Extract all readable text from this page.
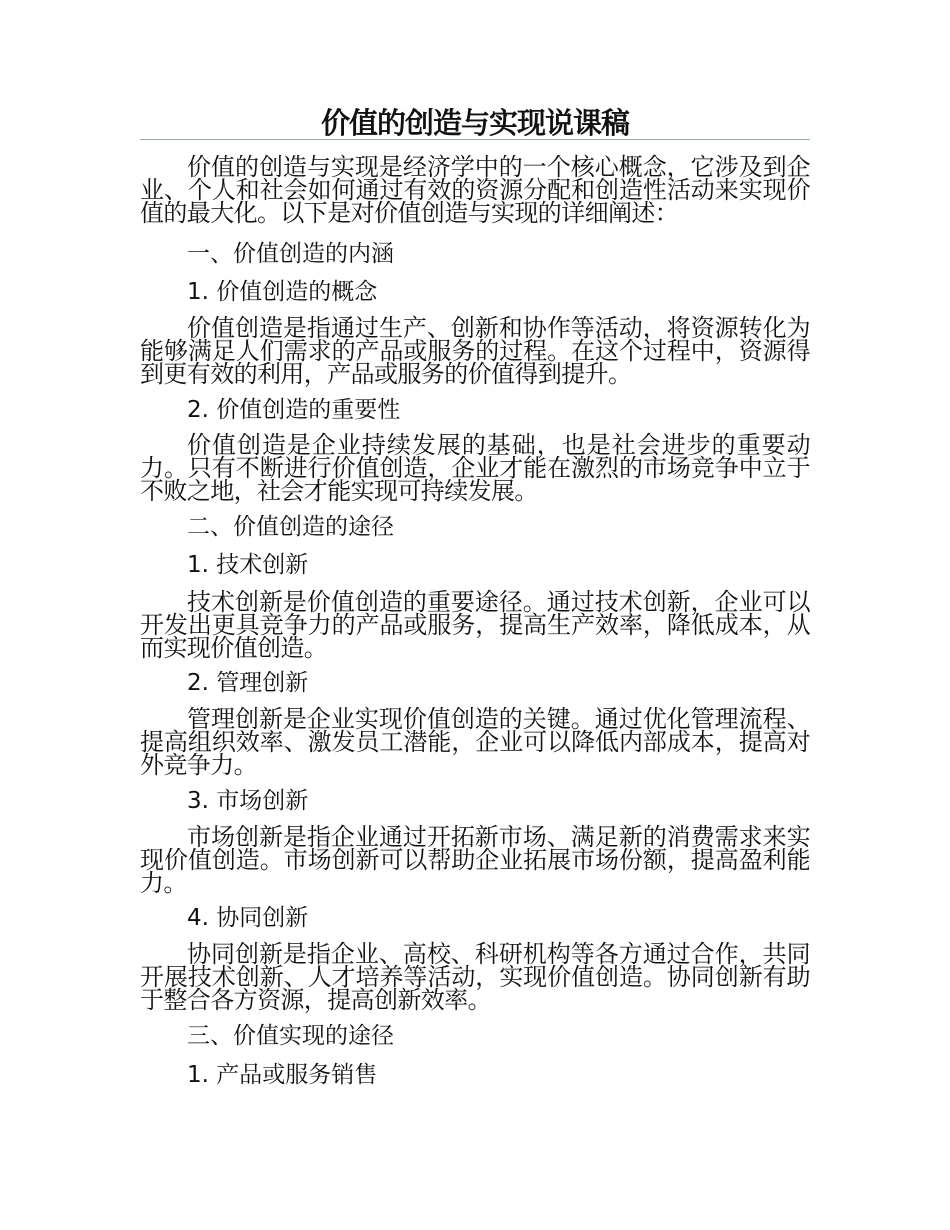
价值的创造与实现说课稿

价值的创造与实现是经济学中的一个核心概念，它涉及到企业、个人和社会如何通过有效的资源分配和创造性活动来实现价值的最大化。以下是对价值创造与实现的详细阐述：

一、价值创造的内涵
1. 价值创造的概念

价值创造是指通过生产、创新和协作等活动，将资源转化为能够满足人们需求的产品或服务的过程。在这个过程中，资源得到更有效的利用，产品或服务的价值得到提升。

2. 价值创造的重要性

价值创造是企业持续发展的基础，也是社会进步的重要动力。只有不断进行价值创造，企业才能在激烈的市场竞争中立于不败之地，社会才能实现可持续发展。

二、价值创造的途径
1. 技术创新

技术创新是价值创造的重要途径。通过技术创新，企业可以开发出更具竞争力的产品或服务，提高生产效率，降低成本，从而实现价值创造。

2. 管理创新

管理创新是企业实现价值创造的关键。通过优化管理流程、提高组织效率、激发员工潜能，企业可以降低内部成本，提高对外竞争力。

3. 市场创新

市场创新是指企业通过开拓新市场、满足新的消费需求来实现价值创造。市场创新可以帮助企业拓展市场份额，提高盈利能力。

4. 协同创新

协同创新是指企业、高校、科研机构等各方通过合作，共同开展技术创新、人才培养等活动，实现价值创造。协同创新有助于整合各方资源，提高创新效率。

三、价值实现的途径
1. 产品或服务销售
